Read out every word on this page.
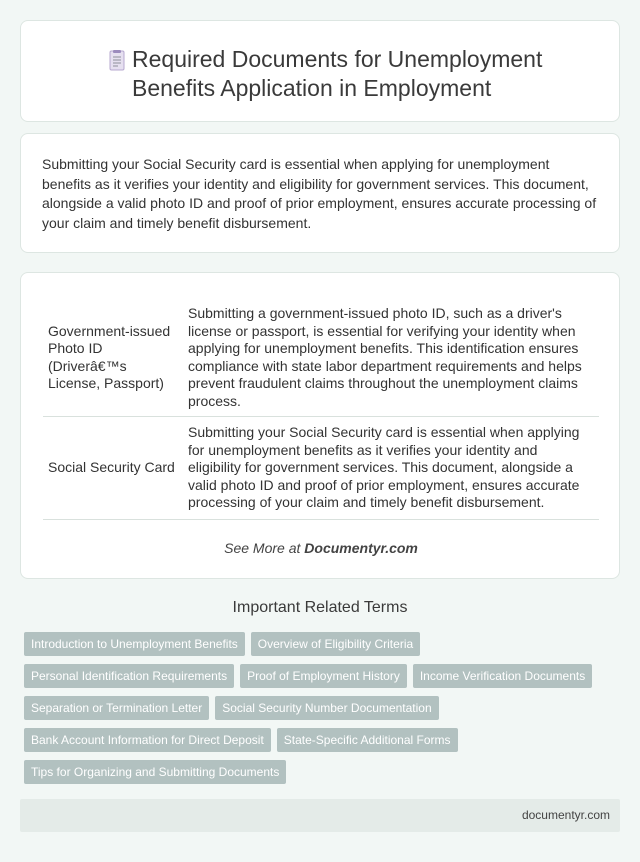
Required Documents for Unemployment Benefits Application in Employment

Submitting your Social Security card is essential when applying for unemployment benefits as it verifies your identity and eligibility for government services. This document, alongside a valid photo ID and proof of prior employment, ensures accurate processing of your claim and timely benefit disbursement.

Government-issued Photo ID (Driverâ€™s License, Passport)	Submitting a government-issued photo ID, such as a driver's license or passport, is essential for verifying your identity when applying for unemployment benefits. This identification ensures compliance with state labor department requirements and helps prevent fraudulent claims throughout the unemployment claims process.
Social Security Card	Submitting your Social Security card is essential when applying for unemployment benefits as it verifies your identity and eligibility for government services. This document, alongside a valid photo ID and proof of prior employment, ensures accurate processing of your claim and timely benefit disbursement.
See More at Documentyr.com
Important Related Terms
Introduction to Unemployment Benefits	Overview of Eligibility Criteria
Personal Identification Requirements	Proof of Employment History	Income Verification Documents
Separation or Termination Letter	Social Security Number Documentation
Bank Account Information for Direct Deposit	State-Specific Additional Forms
Tips for Organizing and Submitting Documents
documentyr.com
